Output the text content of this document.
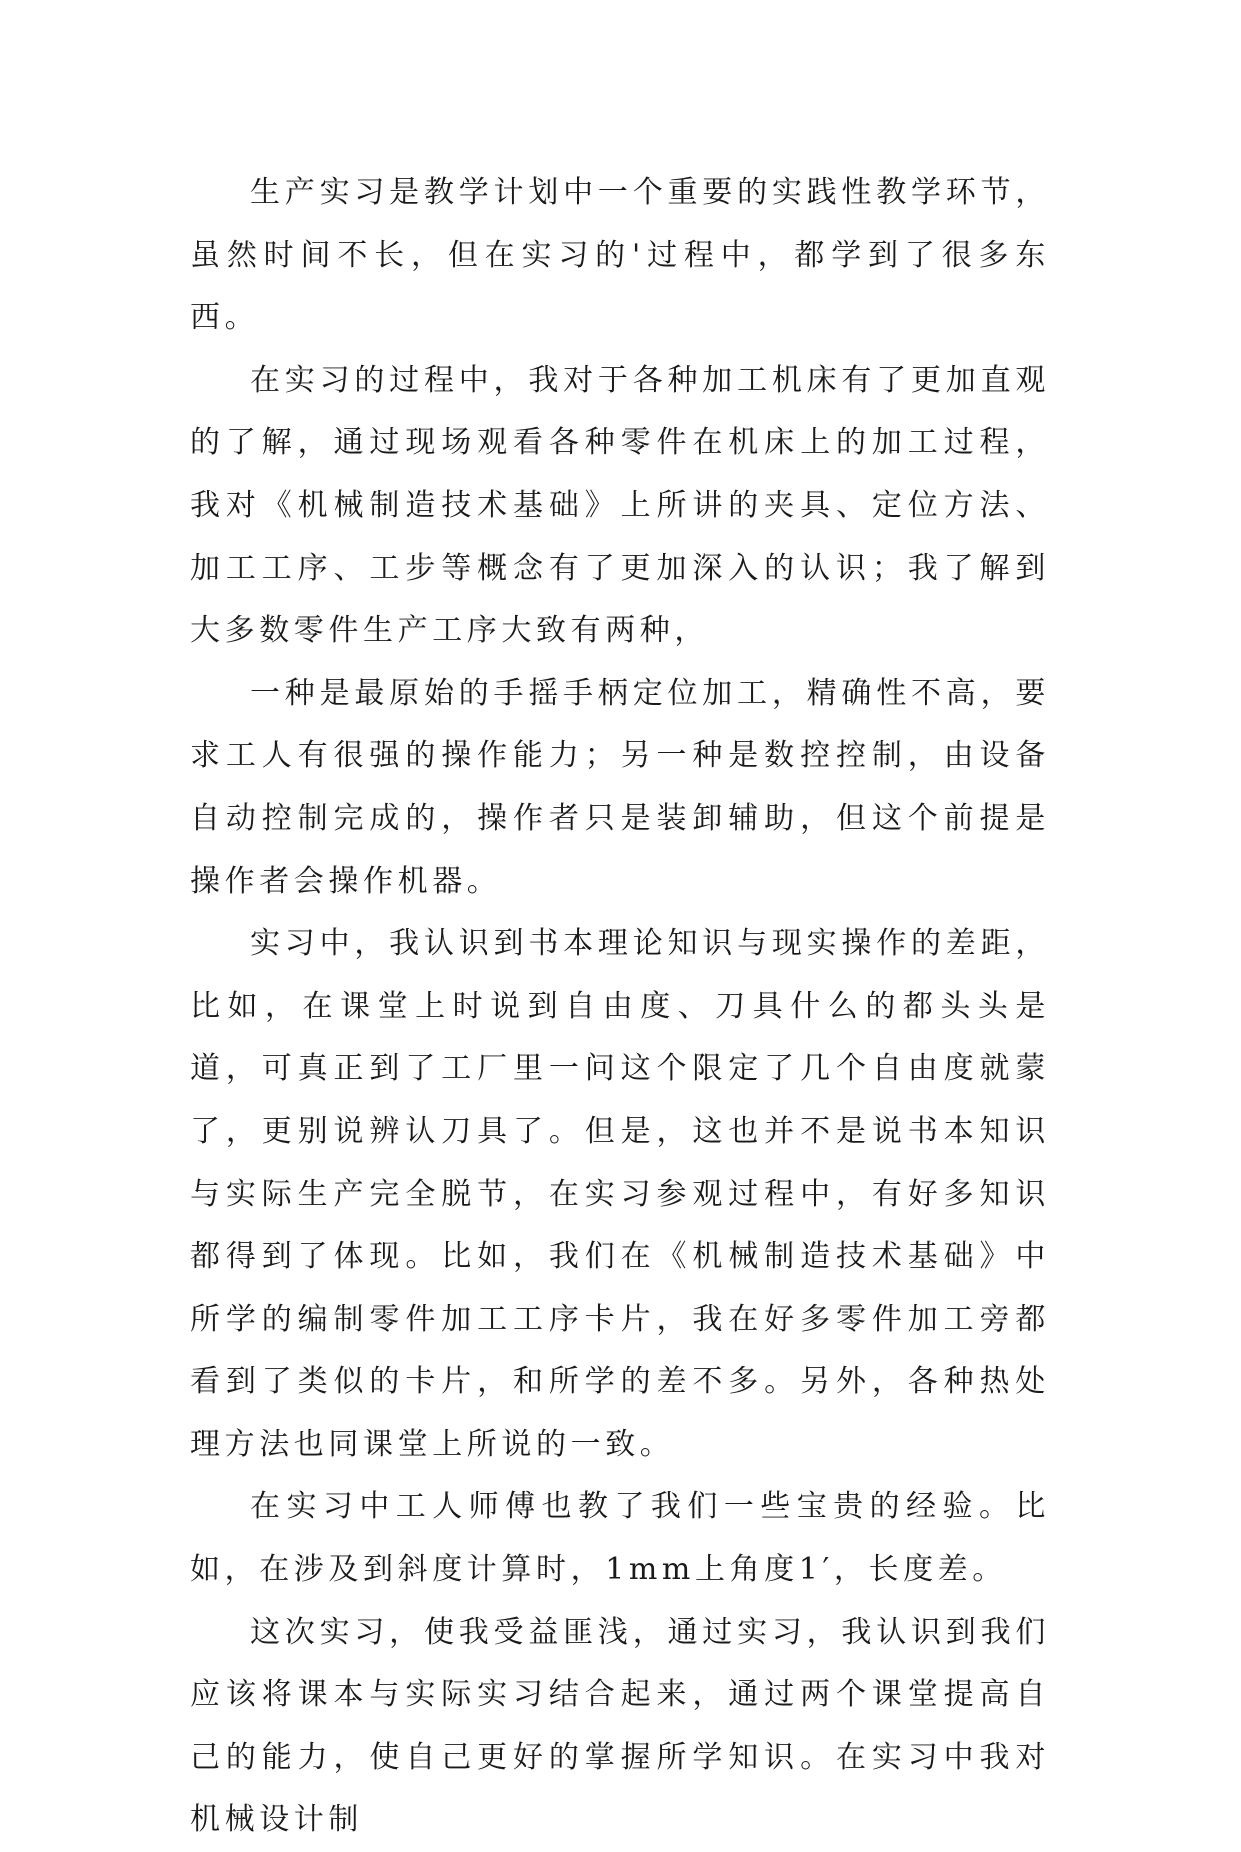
生产实习是教学计划中一个重要的实践性教学环节，虽然时间不长，但在实习的'过程中，都学到了很多东西。

在实习的过程中，我对于各种加工机床有了更加直观的了解，通过现场观看各种零件在机床上的加工过程，我对《机械制造技术基础》上所讲的夹具、定位方法、加工工序、工步等概念有了更加深入的认识；我了解到大多数零件生产工序大致有两种，

一种是最原始的手摇手柄定位加工，精确性不高，要求工人有很强的操作能力；另一种是数控控制，由设备自动控制完成的，操作者只是装卸辅助，但这个前提是操作者会操作机器。

实习中，我认识到书本理论知识与现实操作的差距，比如，在课堂上时说到自由度、刀具什么的都头头是道，可真正到了工厂里一问这个限定了几个自由度就蒙了，更别说辨认刀具了。但是，这也并不是说书本知识与实际生产完全脱节，在实习参观过程中，有好多知识都得到了体现。比如，我们在《机械制造技术基础》中所学的编制零件加工工序卡片，我在好多零件加工旁都看到了类似的卡片，和所学的差不多。另外，各种热处理方法也同课堂上所说的一致。

在实习中工人师傅也教了我们一些宝贵的经验。比如，在涉及到斜度计算时，1mm上角度1′，长度差。

这次实习，使我受益匪浅，通过实习，我认识到我们应该将课本与实际实习结合起来，通过两个课堂提高自己的能力，使自己更好的掌握所学知识。在实习中我对机械设计制
